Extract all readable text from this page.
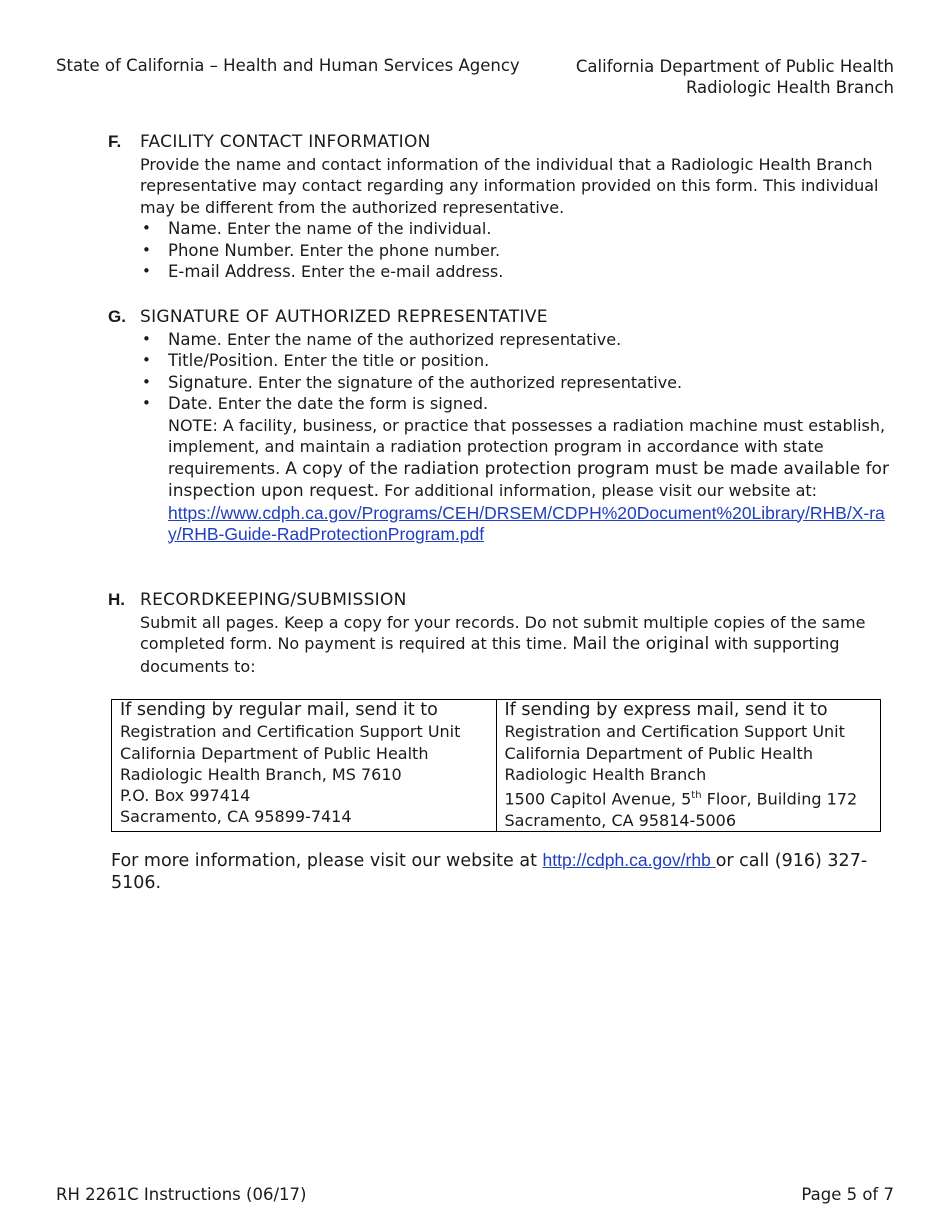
State of California – Health and Human Services Agency	California Department of Public Health
Radiologic Health Branch
F. FACILITY CONTACT INFORMATION
Provide the name and contact information of the individual that a Radiologic Health Branch representative may contact regarding any information provided on this form. This individual may be different from the authorized representative.
• Name. Enter the name of the individual.
• Phone Number. Enter the phone number.
• E-mail Address. Enter the e-mail address.
G. SIGNATURE OF AUTHORIZED REPRESENTATIVE
• Name. Enter the name of the authorized representative.
• Title/Position. Enter the title or position.
• Signature. Enter the signature of the authorized representative.
• Date. Enter the date the form is signed.
NOTE: A facility, business, or practice that possesses a radiation machine must establish, implement, and maintain a radiation protection program in accordance with state requirements. A copy of the radiation protection program must be made available for inspection upon request. For additional information, please visit our website at:
https://www.cdph.ca.gov/Programs/CEH/DRSEM/CDPH%20Document%20Library/RHB/X-ray/RHB-Guide-RadProtectionProgram.pdf
H. RECORDKEEPING/SUBMISSION
Submit all pages. Keep a copy for your records. Do not submit multiple copies of the same completed form. No payment is required at this time. Mail the original with supporting documents to:
If sending by regular mail, send it to
Registration and Certification Support Unit
California Department of Public Health
Radiologic Health Branch, MS 7610
P.O. Box 997414
Sacramento, CA 95899-7414

If sending by express mail, send it to
Registration and Certification Support Unit
California Department of Public Health
Radiologic Health Branch
1500 Capitol Avenue, 5th Floor, Building 172
Sacramento, CA 95814-5006
For more information, please visit our website at http://cdph.ca.gov/rhb or call (916) 327-5106.
RH 2261C Instructions (06/17)	Page 5 of 7
